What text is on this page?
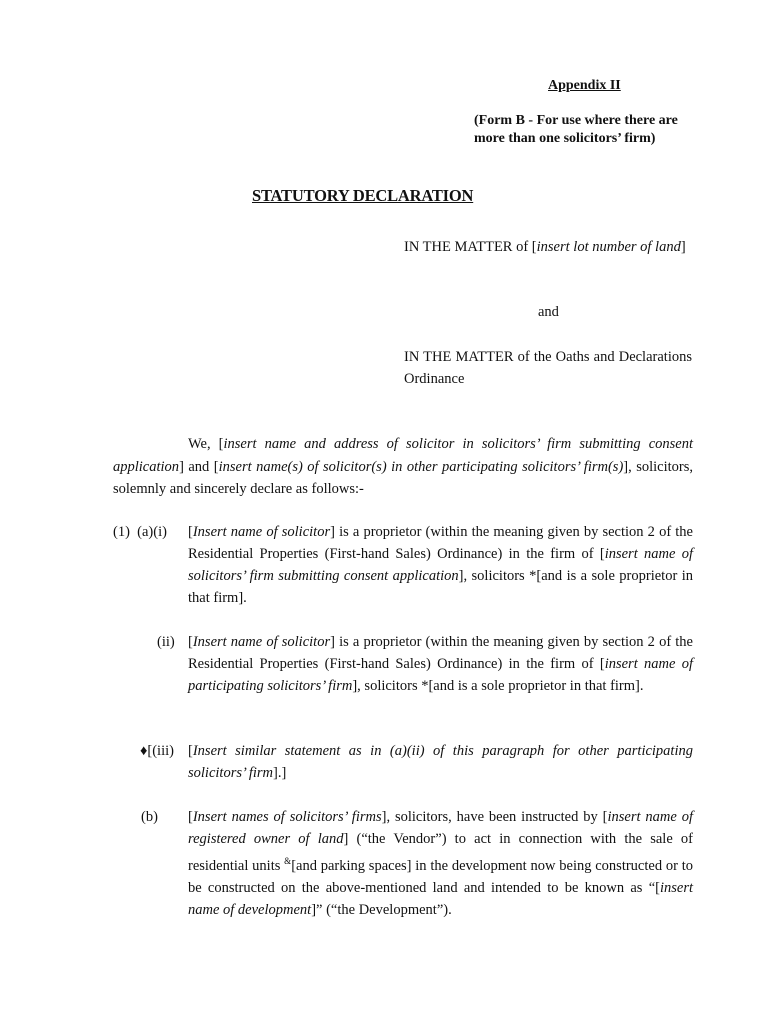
Appendix II
(Form B - For use where there are
more than one solicitors’ firm)
STATUTORY DECLARATION
IN THE MATTER of [insert lot number of land]
and
IN THE MATTER of the Oaths and Declarations Ordinance
We, [insert name and address of solicitor in solicitors’ firm submitting consent application] and [insert name(s) of solicitor(s) in other participating solicitors’ firm(s)], solicitors, solemnly and sincerely declare as follows:-
(1)  (a)(i) [Insert name of solicitor] is a proprietor (within the meaning given by section 2 of the Residential Properties (First-hand Sales) Ordinance) in the firm of [insert name of solicitors’ firm submitting consent application], solicitors *[and is a sole proprietor in that firm].
(ii) [Insert name of solicitor] is a proprietor (within the meaning given by section 2 of the Residential Properties (First-hand Sales) Ordinance) in the firm of [insert name of participating solicitors’ firm], solicitors *[and is a sole proprietor in that firm].
♦[(iii) [Insert similar statement as in (a)(ii) of this paragraph for other participating solicitors’ firm].]
(b) [Insert names of solicitors’ firms], solicitors, have been instructed by [insert name of registered owner of land] (“the Vendor”) to act in connection with the sale of residential units &[and parking spaces] in the development now being constructed or to be constructed on the above-mentioned land and intended to be known as “[insert name of development]” (“the Development”).
